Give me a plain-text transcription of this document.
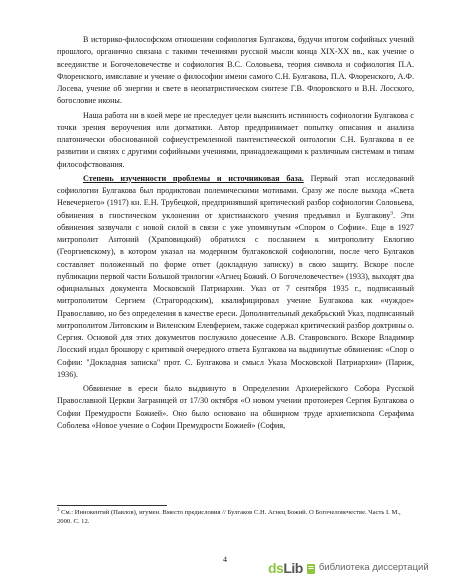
В историко-философском отношении софиология Булгакова, будучи итогом софийных учений прошлого, органично связана с такими течениями русской мысли конца XIX-XX вв., как учение о всеединстве и Богочеловечестве и софиология B.C. Соловьева, теория символа и софиология П.А. Флоренского, имяславие и учение о философии имени самого С.Н. Булгакова, П.А. Флоренского, А.Ф. Лосева, учение об энергии и свете в неопатристическом синтезе Г.В. Флоровского и В.Н. Лосского, богословие иконы.

Наша работа ни в коей мере не преследует цели выяснить истинность софиологии Булгакова с точки зрения вероучения или догматики. Автор предпринимает попытку описания и анализа платонически обоснованной софиеустремленной пантеистической онтологии С.Н. Булгакова в ее развитии и связях с другими софийными учениями, принадлежащими к различным системам и типам философствования.

Степень изученности проблемы и источниковая база. Первый этап исследований софиологии Булгакова был продиктован полемическими мотивами. Сразу же после выхода «Света Невечернего» (1917) кн. Е.Н. Трубецкой, предпринявший критический разбор софиологии Соловьева, обвинения в гностическом уклонении от христианского учения предъявил и Булгакову$^3$. Эти обвинения зазвучали с новой силой в связи с уже упомянутым «Спором о Софии». Еще в 1927 митрополит Антоний (Храповицкий) обратился с посланием к митрополиту Евлогию (Георгиевскому), в котором указал на модернизм булгаковской софиологии, после чего Булгаков составляет положенный по форме ответ (докладную записку) в свою защиту. Вскоре после публикации первой части Большой трилогии «Агнец Божий. О Богочеловечестве» (1933), выходят два официальных документа Московской Патриархии. Указ от 7 сентября 1935 г., подписанный митрополитом Сергием (Страгородским), квалифицировал учение Булгакова как «чуждое» Православию, но без определения в качестве ереси. Дополнительный декабрьский Указ, подписанный митрополитом Литовским и Виленским Елевферием, также содержал критический разбор доктрины о. Сергия. Основой для этих документов послужило донесение А.В. Ставровского. Вскоре Владимир Лосский издал брошюру с критикой очередного ответа Булгакова на выдвинутые обвинения: «Спор о Софии: "Докладная записка" прот. С. Булгакова и смысл Указа Московской Патриархии» (Париж, 1936).

Обвинение в ереси было выдвинуто в Определении Архиерейского Собора Русской Православной Церкви Заграницей от 17/30 октября «О новом учении протоиерея Сергия Булгакова о Софии Премудрости Божией». Оно было основано на обширном труде архиепископа Серафима Соболева «Новое учение о Софии Премудрости Божией» (София,

$^3$ См.: Иннокентий (Павлов), игумен. Вместо предисловия // Булгаков С.Н. Агнец Божий. О Богочеловечестве. Часть I. М., 2000. С. 12.
4
dsLib библиотека диссертаций
